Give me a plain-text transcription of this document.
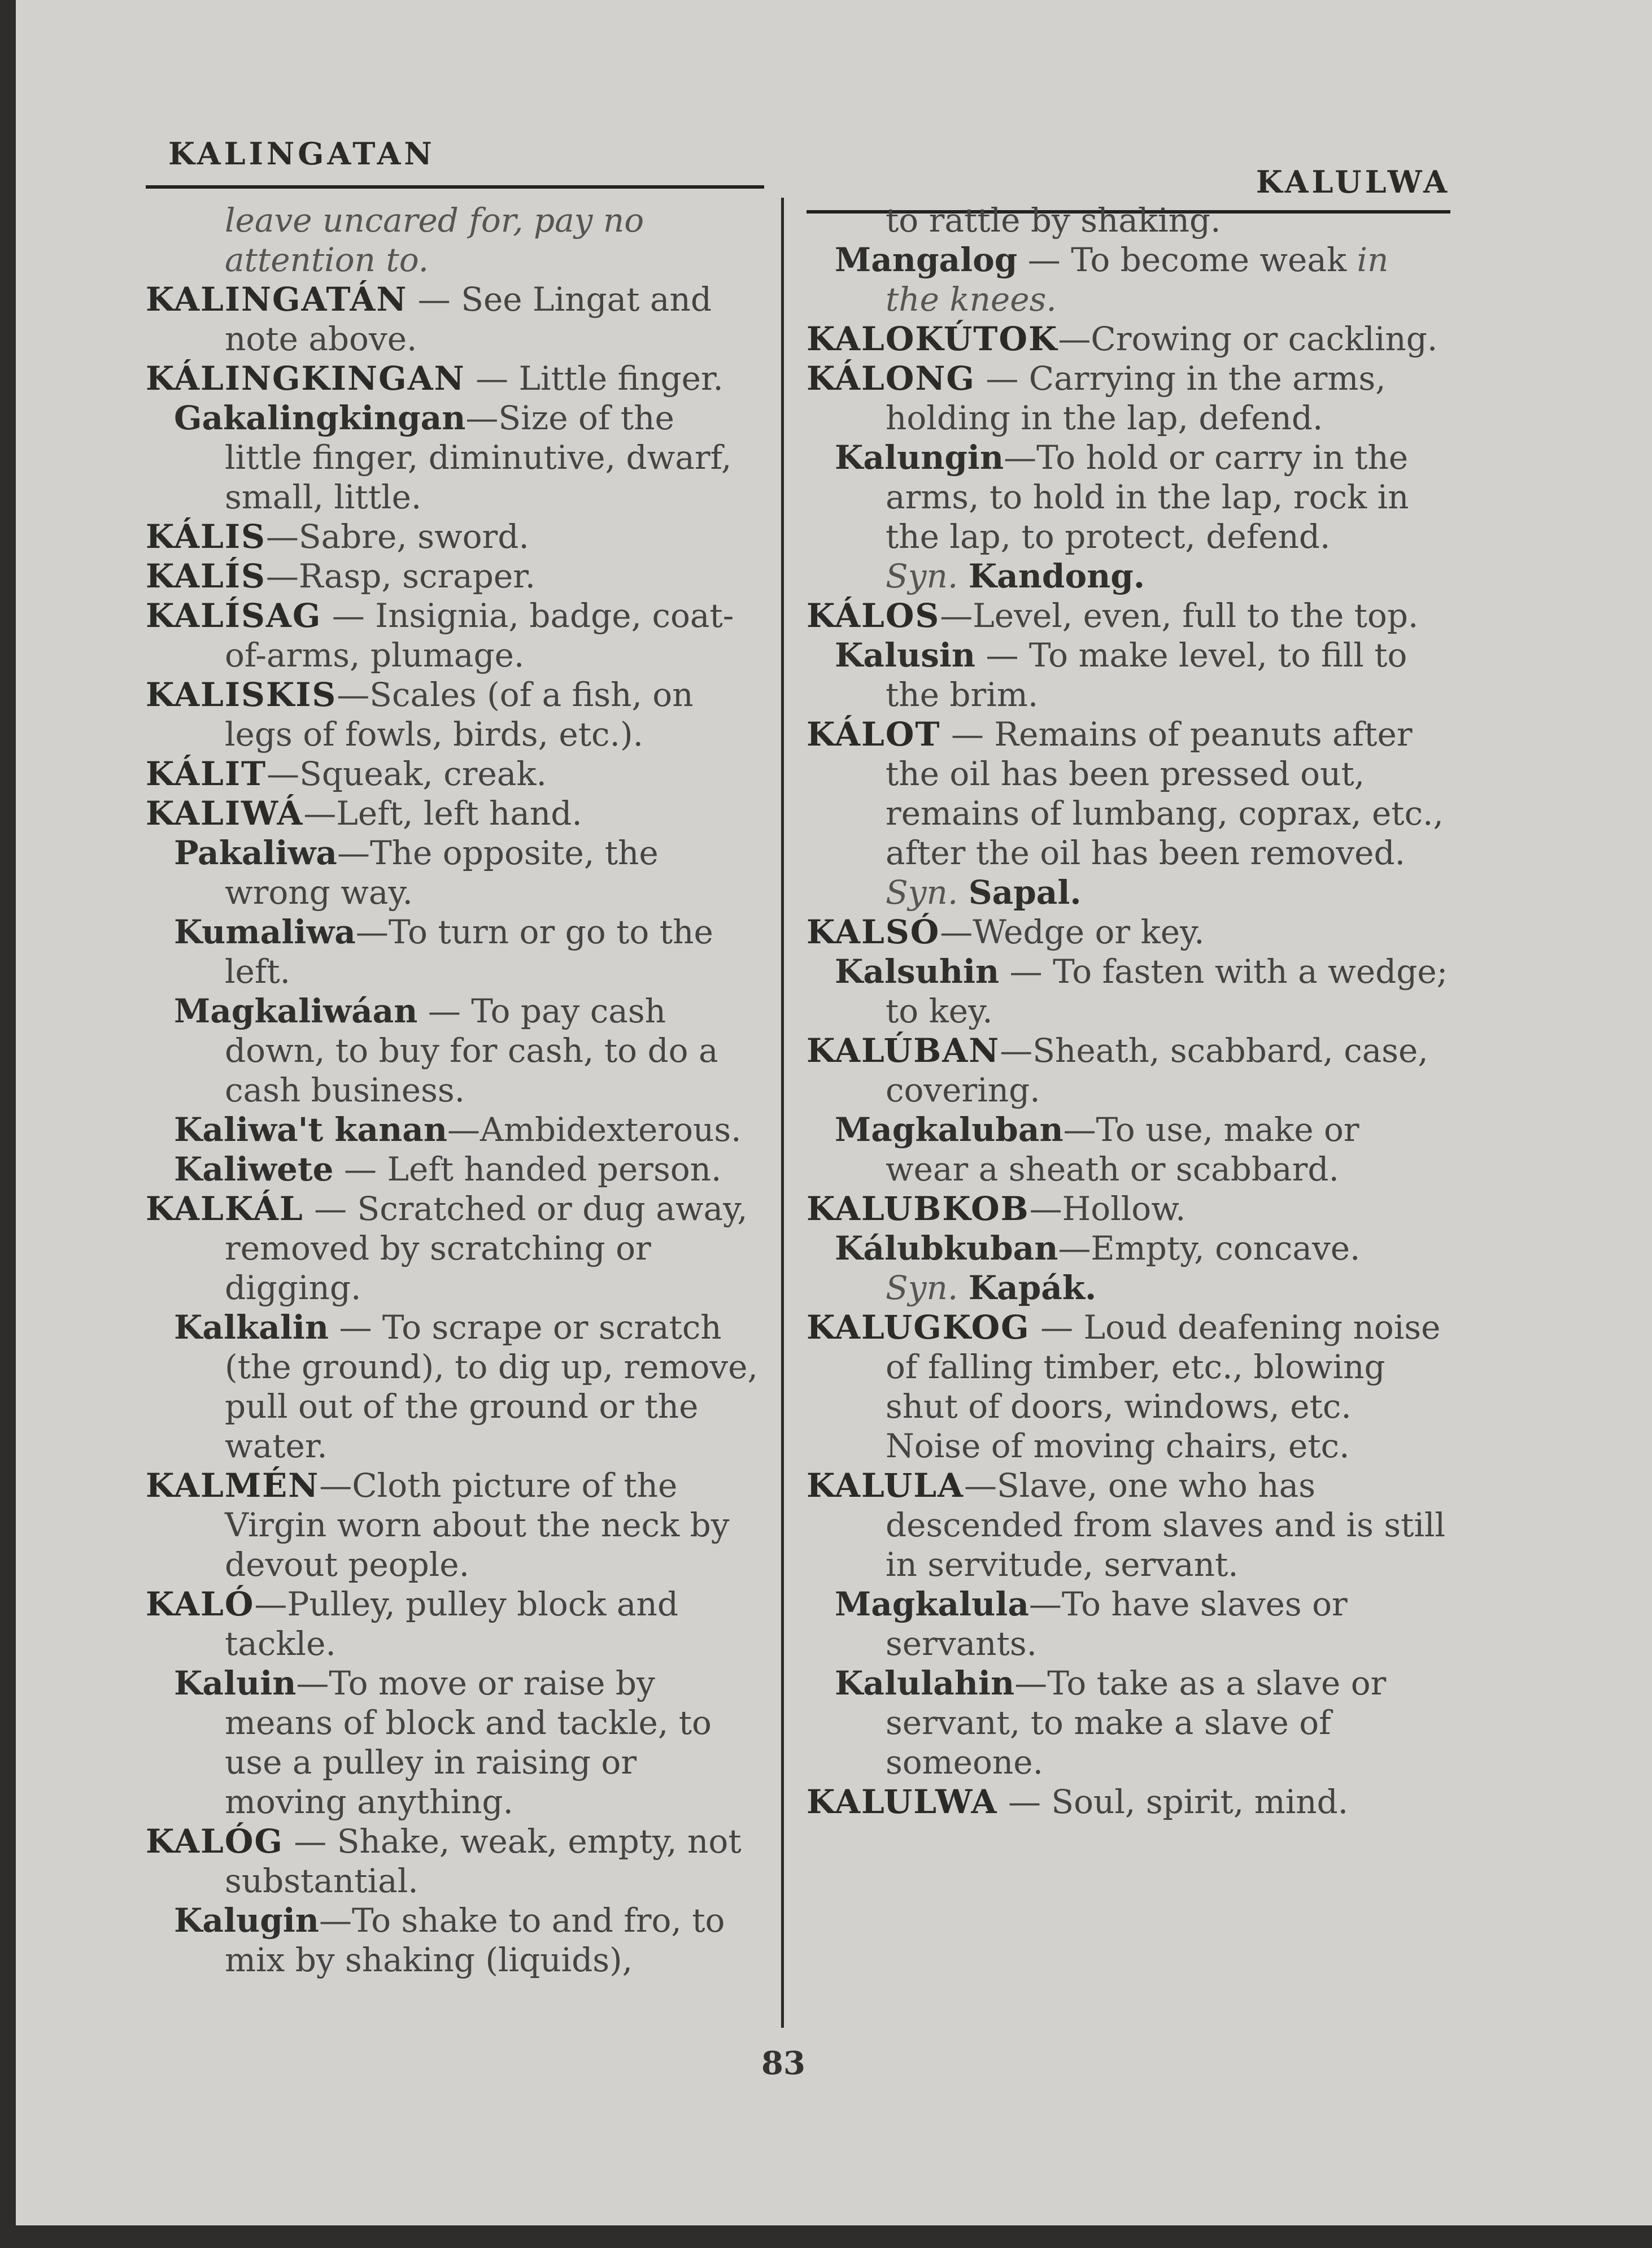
KALINGATAN
KALULWA

leave uncared for, pay no attention to.

KALINGATÁN — See Lingat and note above.

KÁLINGKINGAN — Little finger.

Gakalingkingan—Size of the little finger, diminutive, dwarf, small, little.

KÁLIS—Sabre, sword.

KALÍS—Rasp, scraper.

KALÍSAG — Insignia, badge, coat-of-arms, plumage.

KALISKIS—Scales (of a fish, on legs of fowls, birds, etc.).

KÁLIT—Squeak, creak.

KALIWÁ—Left, left hand.

Pakaliwa—The opposite, the wrong way.

Kumaliwa—To turn or go to the left.

Magkaliwáan — To pay cash down, to buy for cash, to do a cash business.

Kaliwa't kanan—Ambidexterous.

Kaliwete — Left handed person.

KALKÁL — Scratched or dug away, removed by scratching or digging.

Kalkalin — To scrape or scratch (the ground), to dig up, remove, pull out of the ground or the water.

KALMÉN—Cloth picture of the Virgin worn about the neck by devout people.

KALÓ—Pulley, pulley block and tackle.

Kaluin—To move or raise by means of block and tackle, to use a pulley in raising or moving anything.

KALÓG — Shake, weak, empty, not substantial.

Kalugin—To shake to and fro, to mix by shaking (liquids),

to rattle by shaking.

Mangalog — To become weak in the knees.

KALOKÚTOK—Crowing or cackling.

KÁLONG — Carrying in the arms, holding in the lap, defend.

Kalungin—To hold or carry in the arms, to hold in the lap, rock in the lap, to protect, defend.

Syn. Kandong.

KÁLOS—Level, even, full to the top.

Kalusin — To make level, to fill to the brim.

KÁLOT — Remains of peanuts after the oil has been pressed out, remains of lumbang, coprax, etc., after the oil has been removed.

Syn. Sapal.

KALSÓ—Wedge or key.

Kalsuhin — To fasten with a wedge; to key.

KALÚBAN—Sheath, scabbard, case, covering.

Magkaluban—To use, make or wear a sheath or scabbard.

KALUBKOB—Hollow.

Kálubkuban—Empty, concave.

Syn. Kapák.

KALUGKOG — Loud deafening noise of falling timber, etc., blowing shut of doors, windows, etc. Noise of moving chairs, etc.

KALULA—Slave, one who has descended from slaves and is still in servitude, servant.

Magkalula—To have slaves or servants.

Kalulahin—To take as a slave or servant, to make a slave of someone.

KALULWA — Soul, spirit, mind.

83
